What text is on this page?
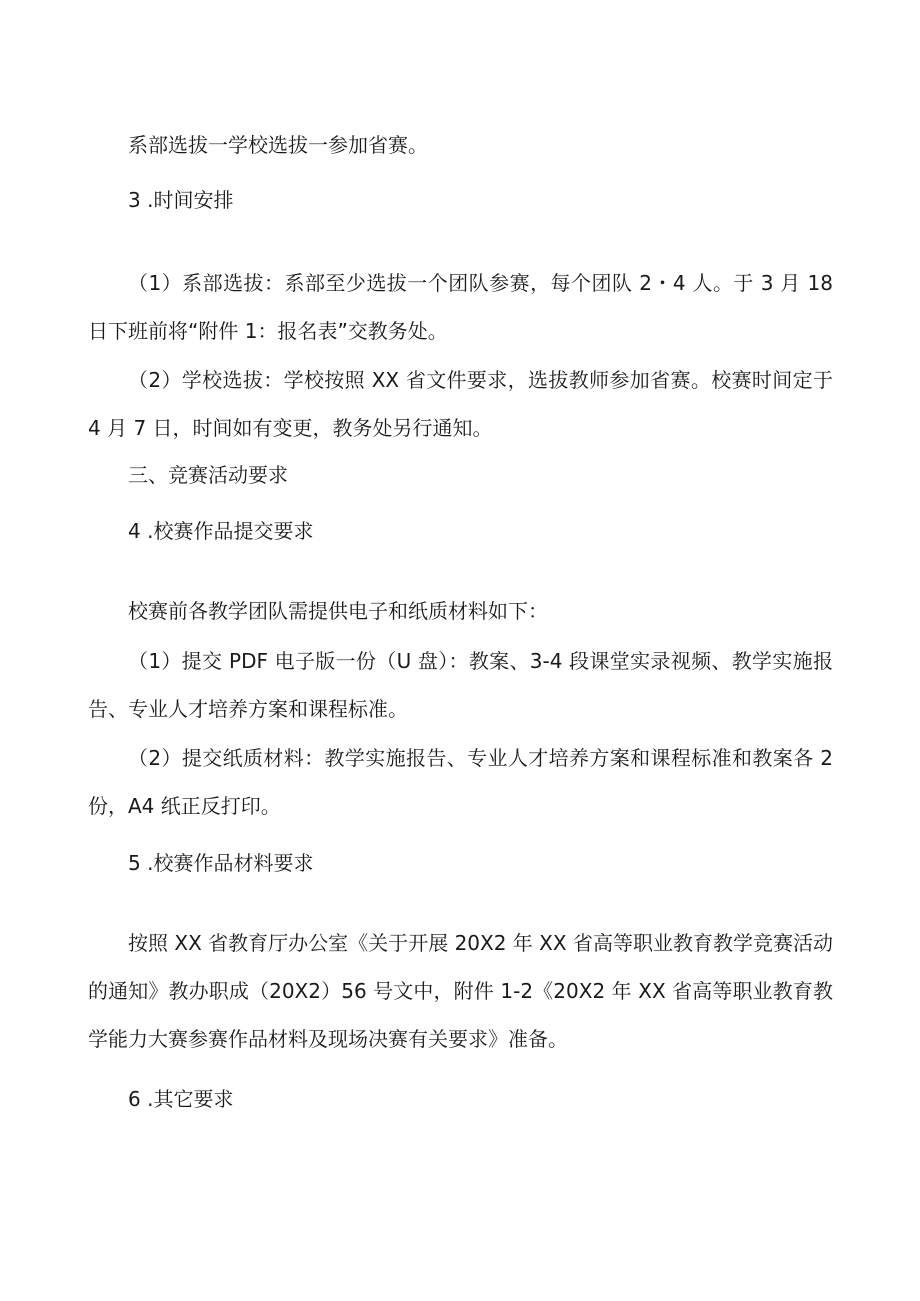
系部选拔一学校选拔一参加省赛。

3 .时间安排

（1）系部选拔：系部至少选拔一个团队参赛，每个团队 2・4 人。于 3 月 18 日下班前将“附件 1：报名表”交教务处。

（2）学校选拔：学校按照 XX 省文件要求，选拔教师参加省赛。校赛时间定于 4 月 7 日，时间如有变更，教务处另行通知。

三、竞赛活动要求

4 .校赛作品提交要求

校赛前各教学团队需提供电子和纸质材料如下：

（1）提交 PDF 电子版一份（U 盘）：教案、3-4 段课堂实录视频、教学实施报告、专业人才培养方案和课程标准。

（2）提交纸质材料：教学实施报告、专业人才培养方案和课程标准和教案各 2 份，A4 纸正反打印。

5 .校赛作品材料要求

按照 XX 省教育厅办公室《关于开展 20X2 年 XX 省高等职业教育教学竞赛活动的通知》教办职成（20X2）56 号文中，附件 1-2《20X2 年 XX 省高等职业教育教学能力大赛参赛作品材料及现场决赛有关要求》准备。

6 .其它要求
